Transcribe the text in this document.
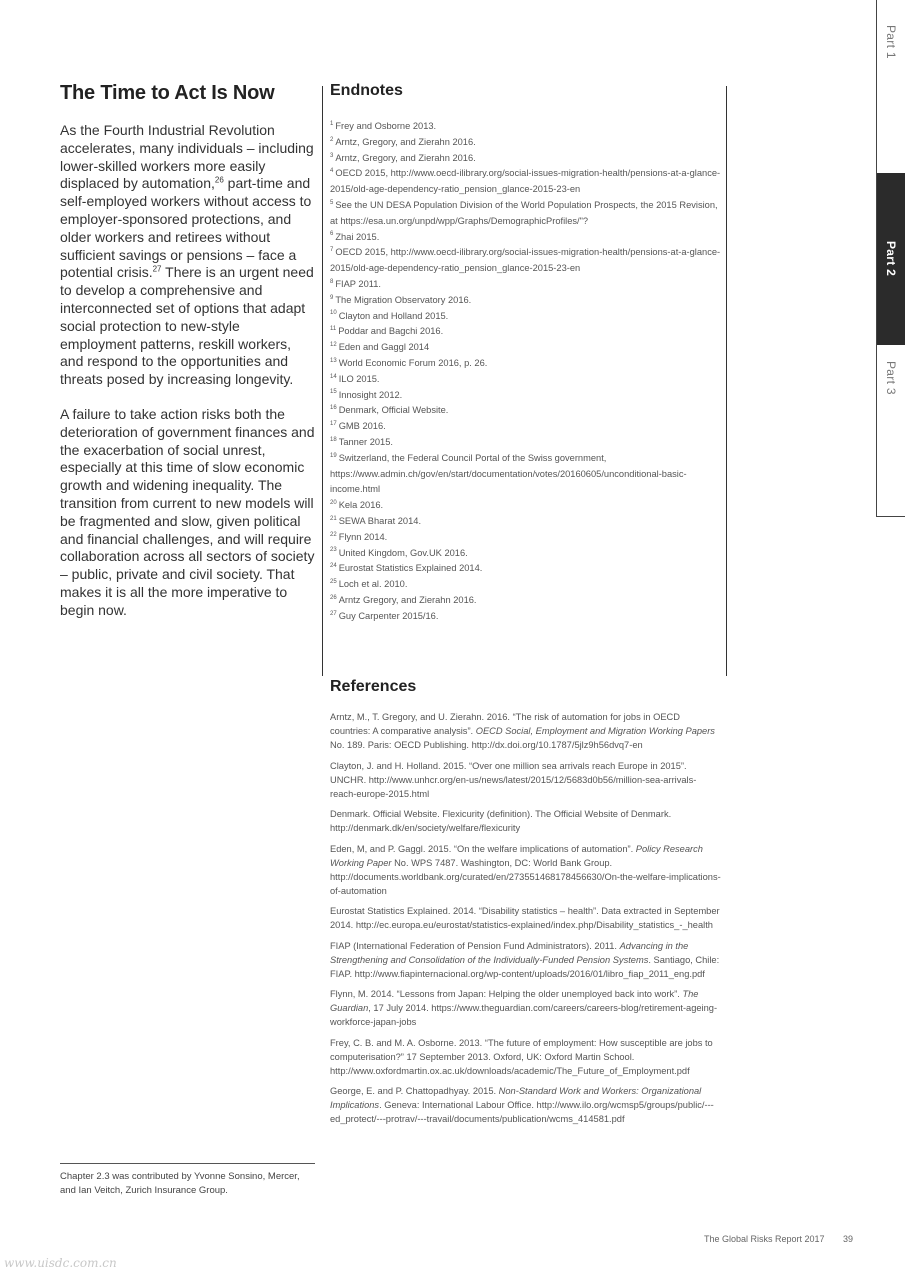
The Time to Act Is Now

As the Fourth Industrial Revolution accelerates, many individuals – including lower-skilled workers more easily displaced by automation,$^{26}$ part-time and self-employed workers without access to employer-sponsored protections, and older workers and retirees without sufficient savings or pensions – face a potential crisis.$^{27}$ There is an urgent need to develop a comprehensive and interconnected set of options that adapt social protection to new-style employment patterns, reskill workers, and respond to the opportunities and threats posed by increasing longevity.

A failure to take action risks both the deterioration of government finances and the exacerbation of social unrest, especially at this time of slow economic growth and widening inequality. The transition from current to new models will be fragmented and slow, given political and financial challenges, and will require collaboration across all sectors of society – public, private and civil society. That makes it is all the more imperative to begin now.

Chapter 2.3 was contributed by Yvonne Sonsino, Mercer, and Ian Veitch, Zurich Insurance Group.
Endnotes
$^1$ Frey and Osborne 2013.
$^2$ Arntz, Gregory, and Zierahn 2016.
$^3$ Arntz, Gregory, and Zierahn 2016.
$^4$ OECD 2015, http://www.oecd-ilibrary.org/social-issues-migration-health/pensions-at-a-glance-2015/old-age-dependency-ratio_pension_glance-2015-23-en
$^5$ See the UN DESA Population Division of the World Population Prospects, the 2015 Revision, at https://esa.un.org/unpd/wpp/Graphs/DemographicProfiles/"?
$^6$ Zhai 2015.
$^7$ OECD 2015, http://www.oecd-ilibrary.org/social-issues-migration-health/pensions-at-a-glance-2015/old-age-dependency-ratio_pension_glance-2015-23-en
$^8$ FIAP 2011.
$^9$ The Migration Observatory 2016.
$^{10}$ Clayton and Holland 2015.
$^{11}$ Poddar and Bagchi 2016.
$^{12}$ Eden and Gaggl 2014
$^{13}$ World Economic Forum 2016, p. 26.
$^{14}$ ILO 2015.
$^{15}$ Innosight 2012.
$^{16}$ Denmark, Official Website.
$^{17}$ GMB 2016.
$^{18}$ Tanner 2015.
$^{19}$ Switzerland, the Federal Council Portal of the Swiss government, https://www.admin.ch/gov/en/start/documentation/votes/20160605/unconditional-basic-income.html
$^{20}$ Kela 2016.
$^{21}$ SEWA Bharat 2014.
$^{22}$ Flynn 2014.
$^{23}$ United Kingdom, Gov.UK 2016.
$^{24}$ Eurostat Statistics Explained 2014.
$^{25}$ Loch et al. 2010.
$^{26}$ Arntz Gregory, and Zierahn 2016.
$^{27}$ Guy Carpenter 2015/16.
References

Arntz, M., T. Gregory, and U. Zierahn. 2016. “The risk of automation for jobs in OECD countries: A comparative analysis”. OECD Social, Employment and Migration Working Papers No. 189. Paris: OECD Publishing. http://dx.doi.org/10.1787/5jlz9h56dvq7-en

Clayton, J. and H. Holland. 2015. “Over one million sea arrivals reach Europe in 2015”. UNCHR. http://www.unhcr.org/en-us/news/latest/2015/12/5683d0b56/million-sea-arrivals-reach-europe-2015.html

Denmark. Official Website. Flexicurity (definition). The Official Website of Denmark. http://denmark.dk/en/society/welfare/flexicurity

Eden, M, and P. Gaggl. 2015. “On the welfare implications of automation”. Policy Research Working Paper No. WPS 7487. Washington, DC: World Bank Group. http://documents.worldbank.org/curated/en/273551468178456630/On-the-welfare-implications-of-automation

Eurostat Statistics Explained. 2014. “Disability statistics – health”. Data extracted in September 2014. http://ec.europa.eu/eurostat/statistics-explained/index.php/Disability_statistics_-_health

FIAP (International Federation of Pension Fund Administrators). 2011. Advancing in the Strengthening and Consolidation of the Individually-Funded Pension Systems. Santiago, Chile: FIAP. http://www.fiapinternacional.org/wp-content/uploads/2016/01/libro_fiap_2011_eng.pdf

Flynn, M. 2014. “Lessons from Japan: Helping the older unemployed back into work”. The Guardian, 17 July 2014. https://www.theguardian.com/careers/careers-blog/retirement-ageing-workforce-japan-jobs

Frey, C. B. and M. A. Osborne. 2013. “The future of employment: How susceptible are jobs to computerisation?” 17 September 2013. Oxford, UK: Oxford Martin School. http://www.oxfordmartin.ox.ac.uk/downloads/academic/The_Future_of_Employment.pdf

George, E. and P. Chattopadhyay. 2015. Non-Standard Work and Workers: Organizational Implications. Geneva: International Labour Office. http://www.ilo.org/wcmsp5/groups/public/---ed_protect/---protrav/---travail/documents/publication/wcms_414581.pdf

Part 1
Part 2
Part 3
The Global Risks Report 2017 39
www.uisdc.com.cn
